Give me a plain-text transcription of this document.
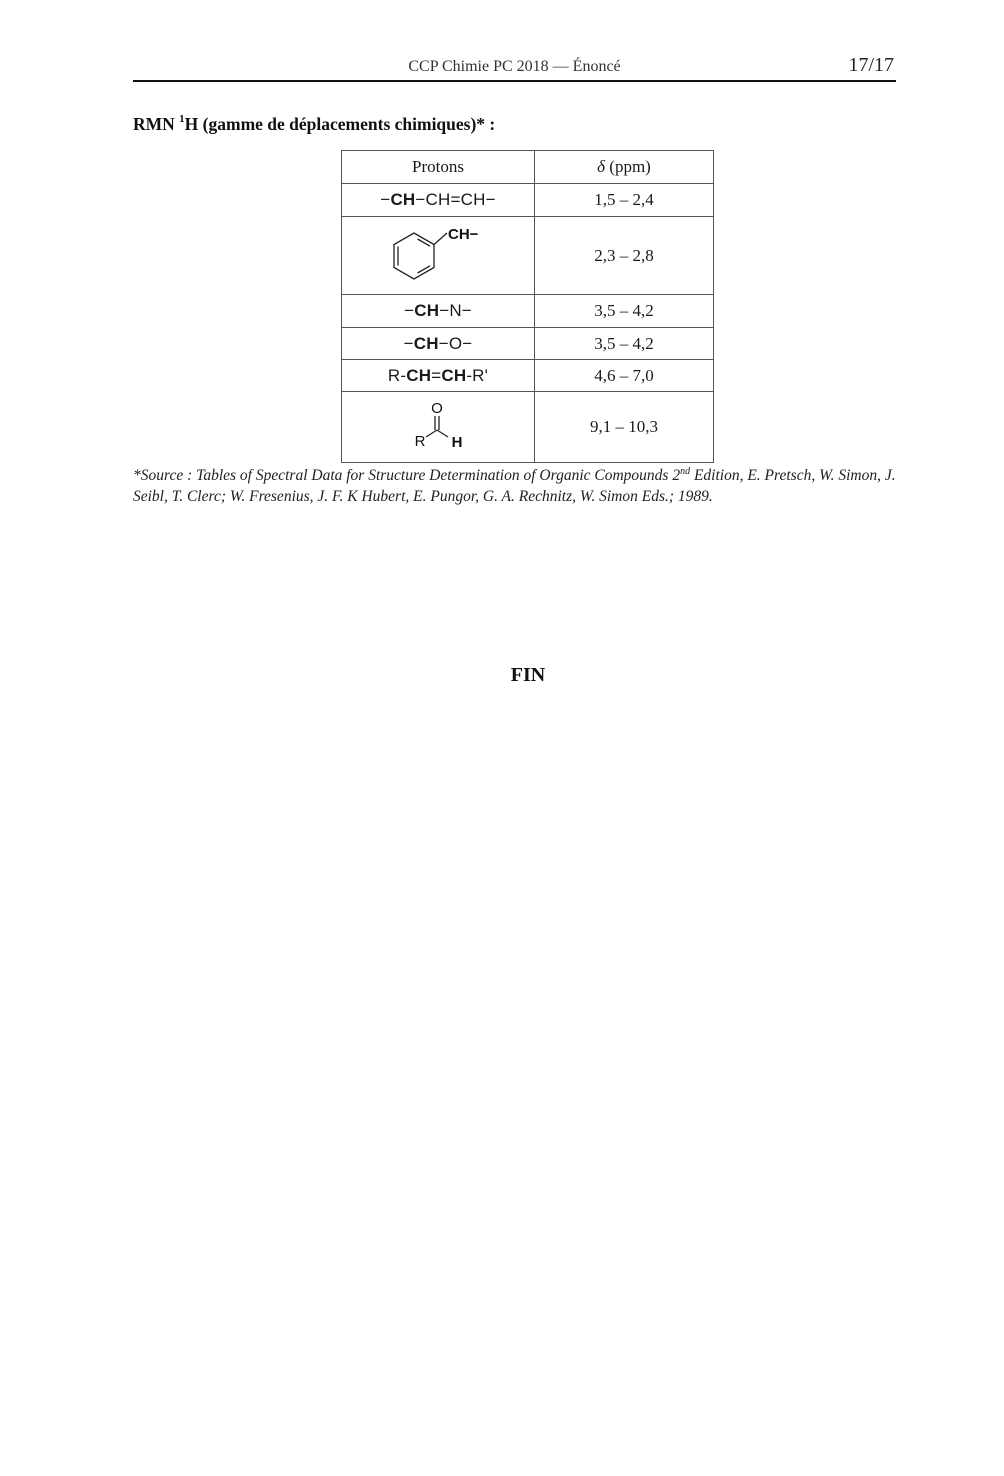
CCP Chimie PC 2018 — Énoncé	17/17
RMN $^1$H (gamme de déplacements chimiques)* :
Protons	δ (ppm)
−CH−CH=CH−	1,5 – 2,4

CH−	2,3 – 2,8
−CH−N−	3,5 – 4,2
−CH−O−	3,5 – 4,2
R-CH=CH-R'	4,6 – 7,0

O
R H	9,1 – 10,3
*Source : Tables of Spectral Data for Structure Determination of Organic Compounds 2nd Edition, E. Pretsch, W. Simon, J. Seibl, T. Clerc; W. Fresenius, J. F. K Hubert, E. Pungor, G. A. Rechnitz, W. Simon Eds.; 1989.
FIN
